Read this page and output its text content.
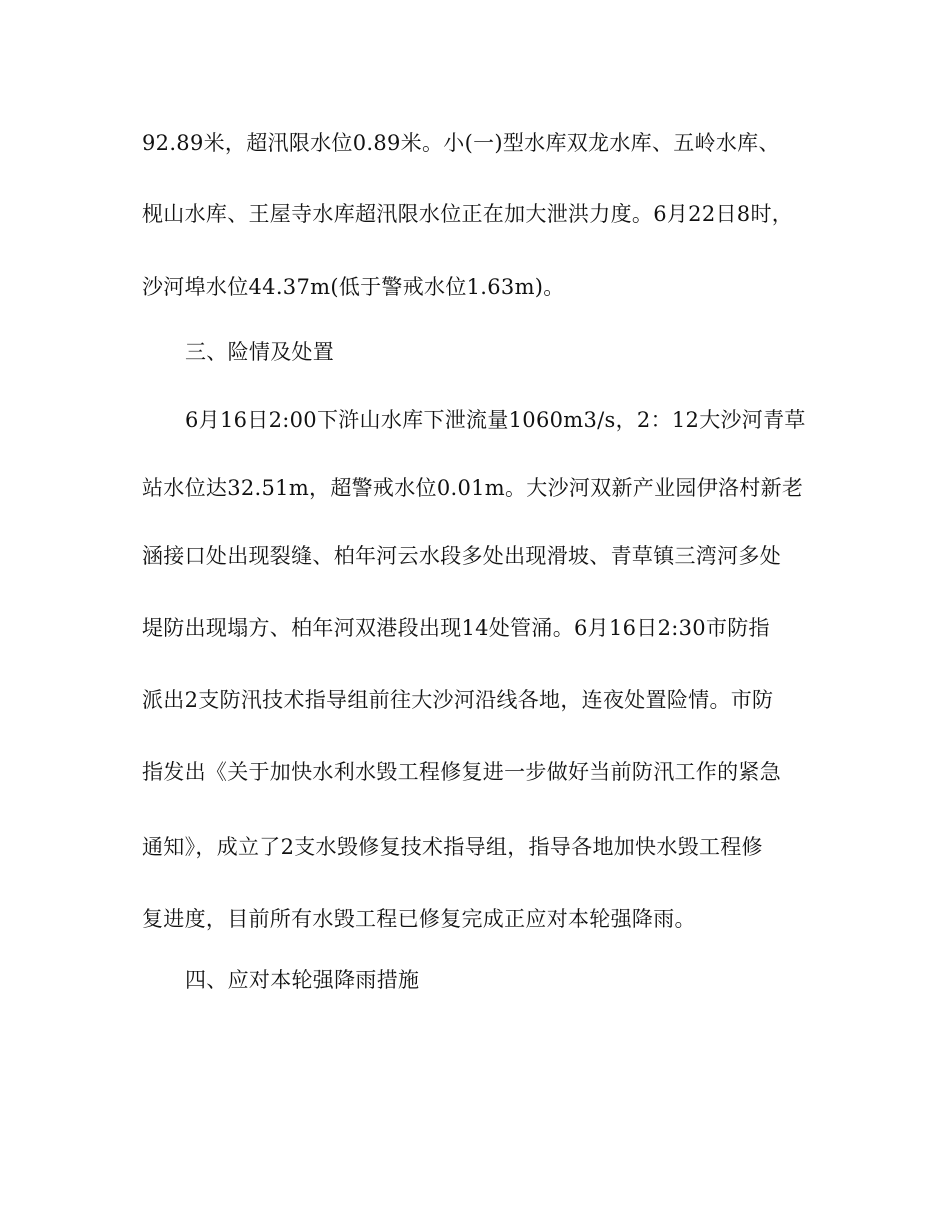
92.89米，超汛限水位0.89米。小(一)型水库双龙水库、五岭水库、
枧山水库、王屋寺水库超汛限水位正在加大泄洪力度。6月22日8时，
沙河埠水位44.37m(低于警戒水位1.63m)。
三、险情及处置
6月16日2:00下浒山水库下泄流量1060m3/s，2：12大沙河青草
站水位达32.51m，超警戒水位0.01m。大沙河双新产业园伊洛村新老
涵接口处出现裂缝、柏年河云水段多处出现滑坡、青草镇三湾河多处
堤防出现塌方、柏年河双港段出现14处管涌。6月16日2:30市防指
派出2支防汛技术指导组前往大沙河沿线各地，连夜处置险情。市防
指发出《关于加快水利水毁工程修复进一步做好当前防汛工作的紧急
通知》，成立了2支水毁修复技术指导组，指导各地加快水毁工程修
复进度，目前所有水毁工程已修复完成正应对本轮强降雨。
四、应对本轮强降雨措施
